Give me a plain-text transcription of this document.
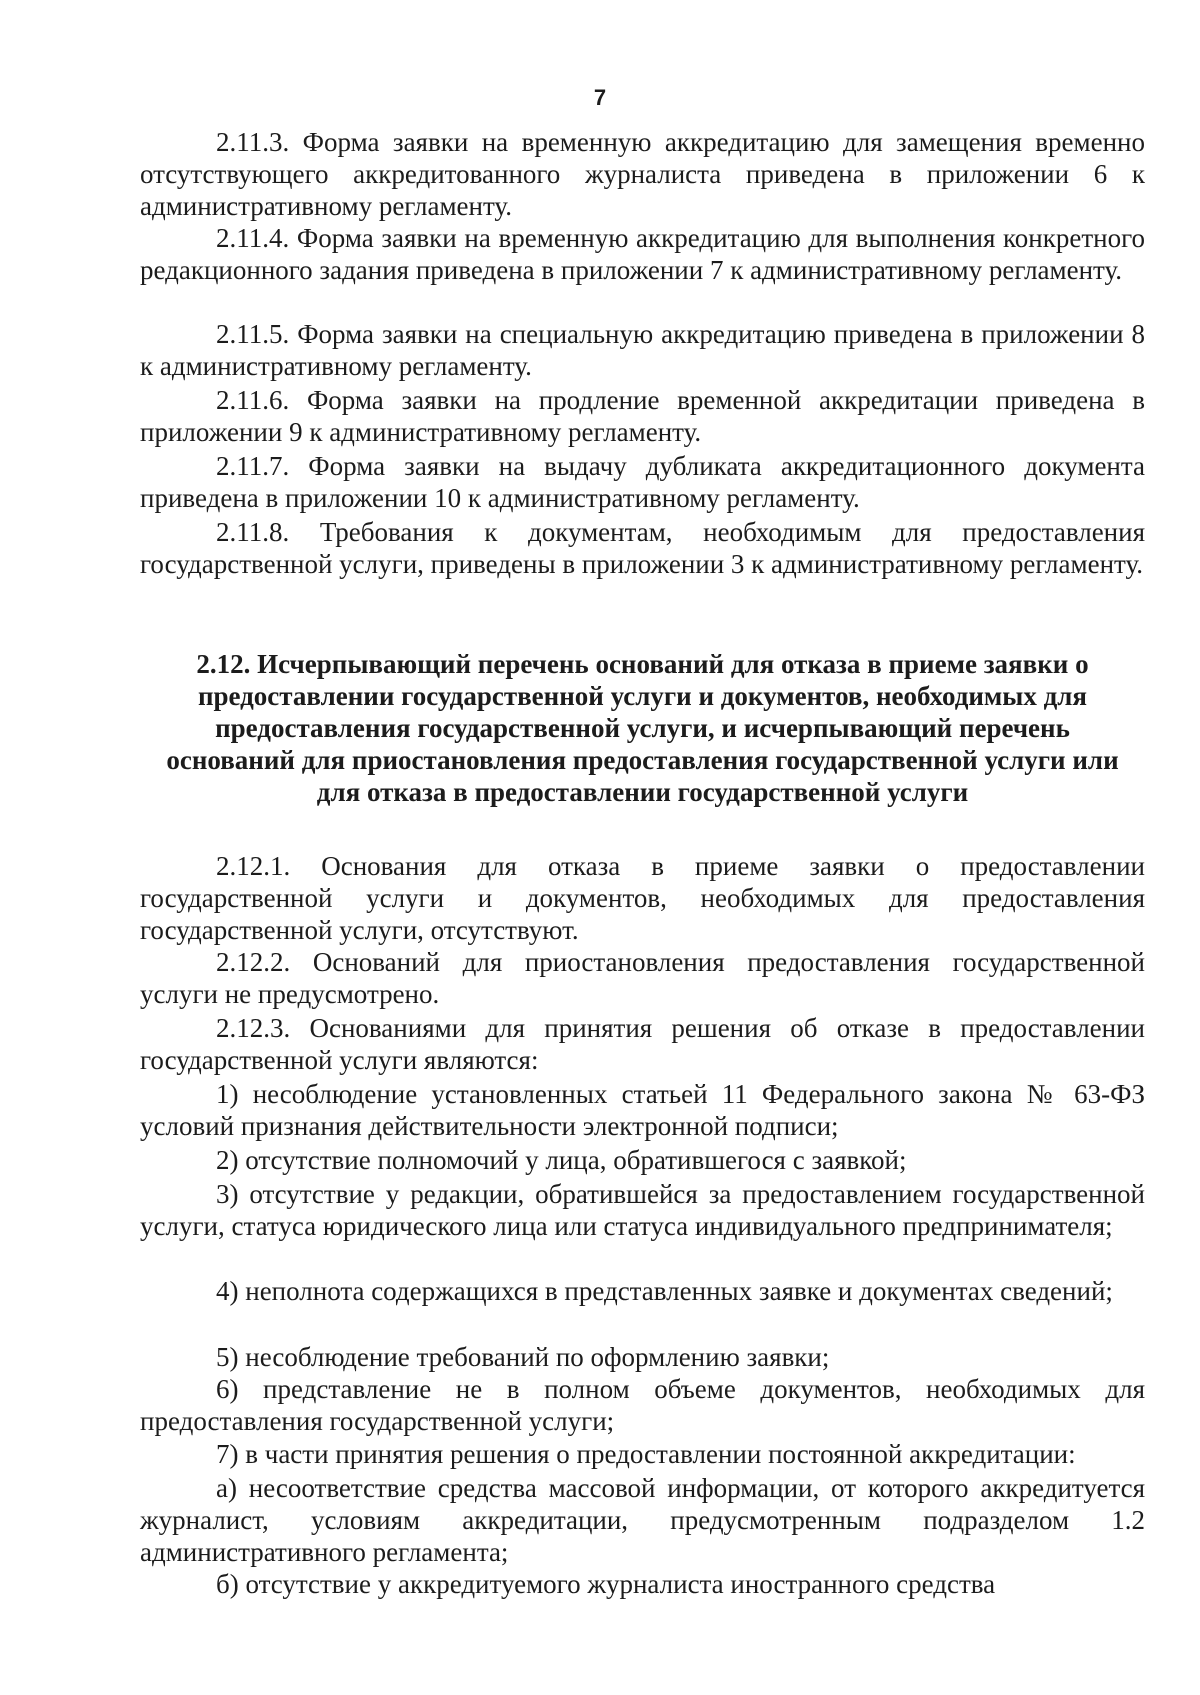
7

2.11.3. Форма заявки на временную аккредитацию для замещения временно отсутствующего аккредитованного журналиста приведена в приложении 6 к административному регламенту.

2.11.4. Форма заявки на временную аккредитацию для выполнения конкретного редакционного задания приведена в приложении 7 к административному регламенту.

2.11.5. Форма заявки на специальную аккредитацию приведена в приложении 8 к административному регламенту.

2.11.6. Форма заявки на продление временной аккредитации приведена в приложении 9 к административному регламенту.

2.11.7. Форма заявки на выдачу дубликата аккредитационного документа приведена в приложении 10 к административному регламенту.

2.11.8. Требования к документам, необходимым для предоставления государственной услуги, приведены в приложении 3 к административному регламенту.

2.12. Исчерпывающий перечень оснований для отказа в приеме заявки о предоставлении государственной услуги и документов, необходимых для предоставления государственной услуги, и исчерпывающий перечень оснований для приостановления предоставления государственной услуги или для отказа в предоставлении государственной услуги

2.12.1. Основания для отказа в приеме заявки о предоставлении государственной услуги и документов, необходимых для предоставления государственной услуги, отсутствуют.

2.12.2. Оснований для приостановления предоставления государственной услуги не предусмотрено.

2.12.3. Основаниями для принятия решения об отказе в предоставлении государственной услуги являются:

1) несоблюдение установленных статьей 11 Федерального закона № 63-ФЗ условий признания действительности электронной подписи;

2) отсутствие полномочий у лица, обратившегося с заявкой;

3) отсутствие у редакции, обратившейся за предоставлением государственной услуги, статуса юридического лица или статуса индивидуального предпринимателя;

4) неполнота содержащихся в представленных заявке и документах сведений;

5) несоблюдение требований по оформлению заявки;

6) представление не в полном объеме документов, необходимых для предоставления государственной услуги;

7) в части принятия решения о предоставлении постоянной аккредитации:

а) несоответствие средства массовой информации, от которого аккредитуется журналист, условиям аккредитации, предусмотренным подразделом 1.2 административного регламента;

б) отсутствие у аккредитуемого журналиста иностранного средства
